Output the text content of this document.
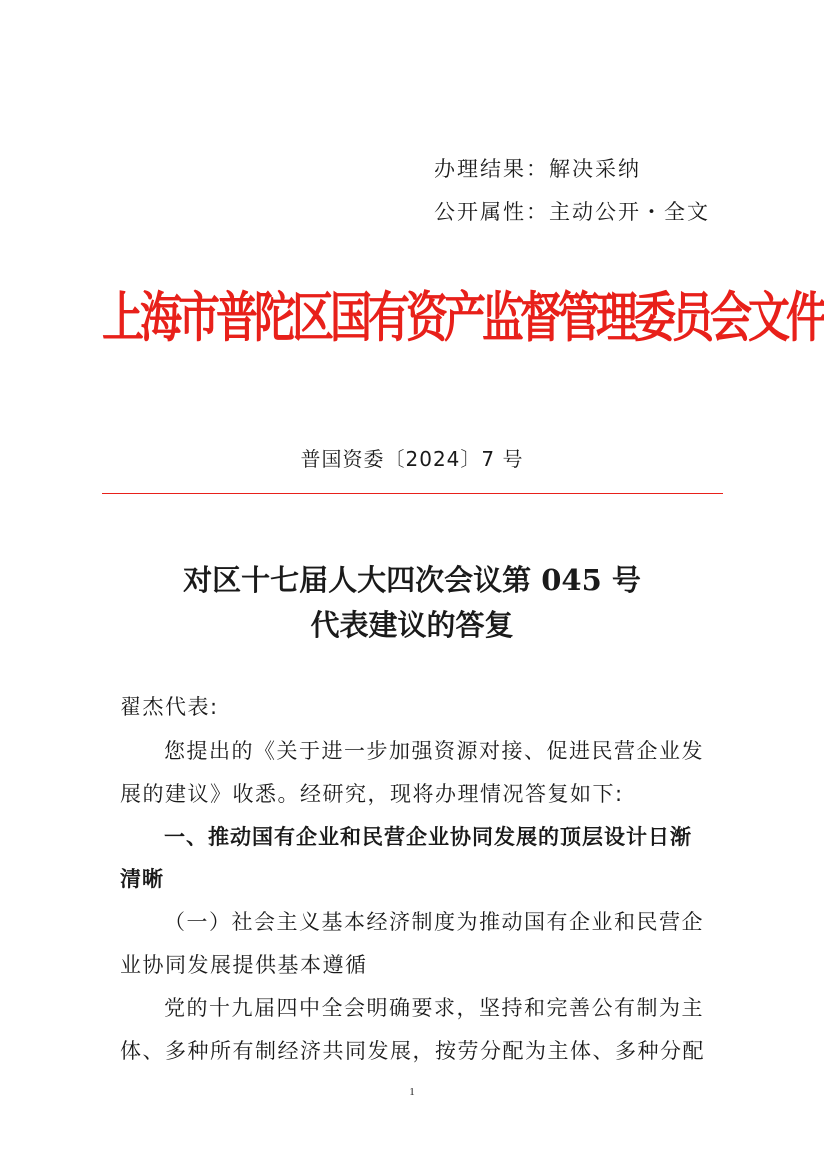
办理结果：解决采纳
公开属性：主动公开・全文
上海市普陀区国有资产监督管理委员会文件
普国资委〔2024〕7 号
对区十七届人大四次会议第 045 号
代表建议的答复
翟杰代表:
您提出的《关于进一步加强资源对接、促进民营企业发
展的建议》收悉。经研究，现将办理情况答复如下:
一、推动国有企业和民营企业协同发展的顶层设计日渐
清晰
（一）社会主义基本经济制度为推动国有企业和民营企
业协同发展提供基本遵循
党的十九届四中全会明确要求，坚持和完善公有制为主
体、多种所有制经济共同发展，按劳分配为主体、多种分配
1
